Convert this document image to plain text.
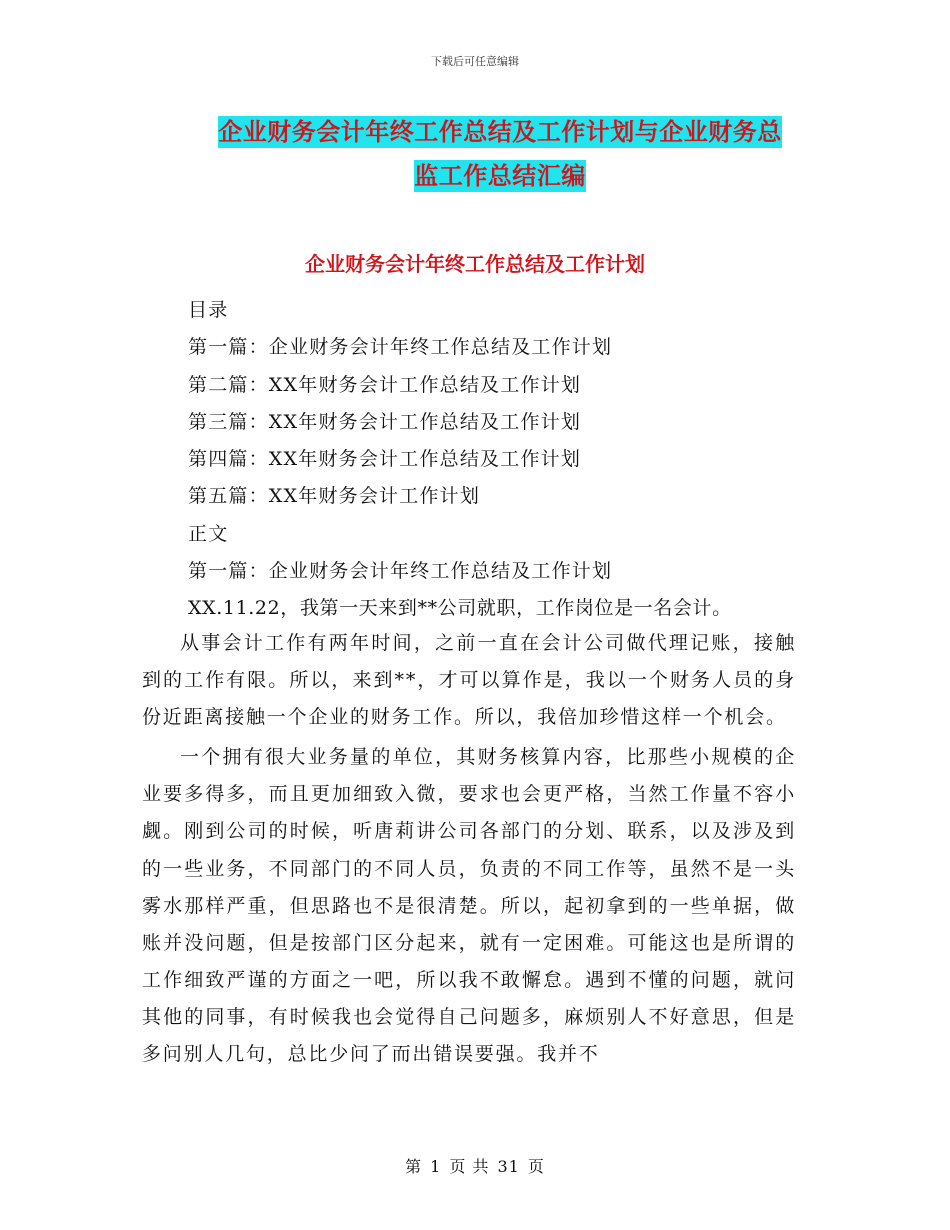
下载后可任意编辑
企业财务会计年终工作总结及工作计划与企业财务总
监工作总结汇编
企业财务会计年终工作总结及工作计划
目录
第一篇：企业财务会计年终工作总结及工作计划
第二篇：XX年财务会计工作总结及工作计划
第三篇：XX年财务会计工作总结及工作计划
第四篇：XX年财务会计工作总结及工作计划
第五篇：XX年财务会计工作计划
正文
第一篇：企业财务会计年终工作总结及工作计划
XX.11.22，我第一天来到**公司就职，工作岗位是一名会计。

从事会计工作有两年时间，之前一直在会计公司做代理记账，接触到的工作有限。所以，来到**，才可以算作是，我以一个财务人员的身份近距离接触一个企业的财务工作。所以，我倍加珍惜这样一个机会。

一个拥有很大业务量的单位，其财务核算内容，比那些小规模的企业要多得多，而且更加细致入微，要求也会更严格，当然工作量不容小觑。刚到公司的时候，听唐莉讲公司各部门的分划、联系，以及涉及到的一些业务，不同部门的不同人员，负责的不同工作等，虽然不是一头雾水那样严重，但思路也不是很清楚。所以，起初拿到的一些单据，做账并没问题，但是按部门区分起来，就有一定困难。可能这也是所谓的工作细致严谨的方面之一吧，所以我不敢懈怠。遇到不懂的问题，就问其他的同事，有时候我也会觉得自己问题多，麻烦别人不好意思，但是多问别人几句，总比少问了而出错误要强。我并不

第 1 页 共 31 页
